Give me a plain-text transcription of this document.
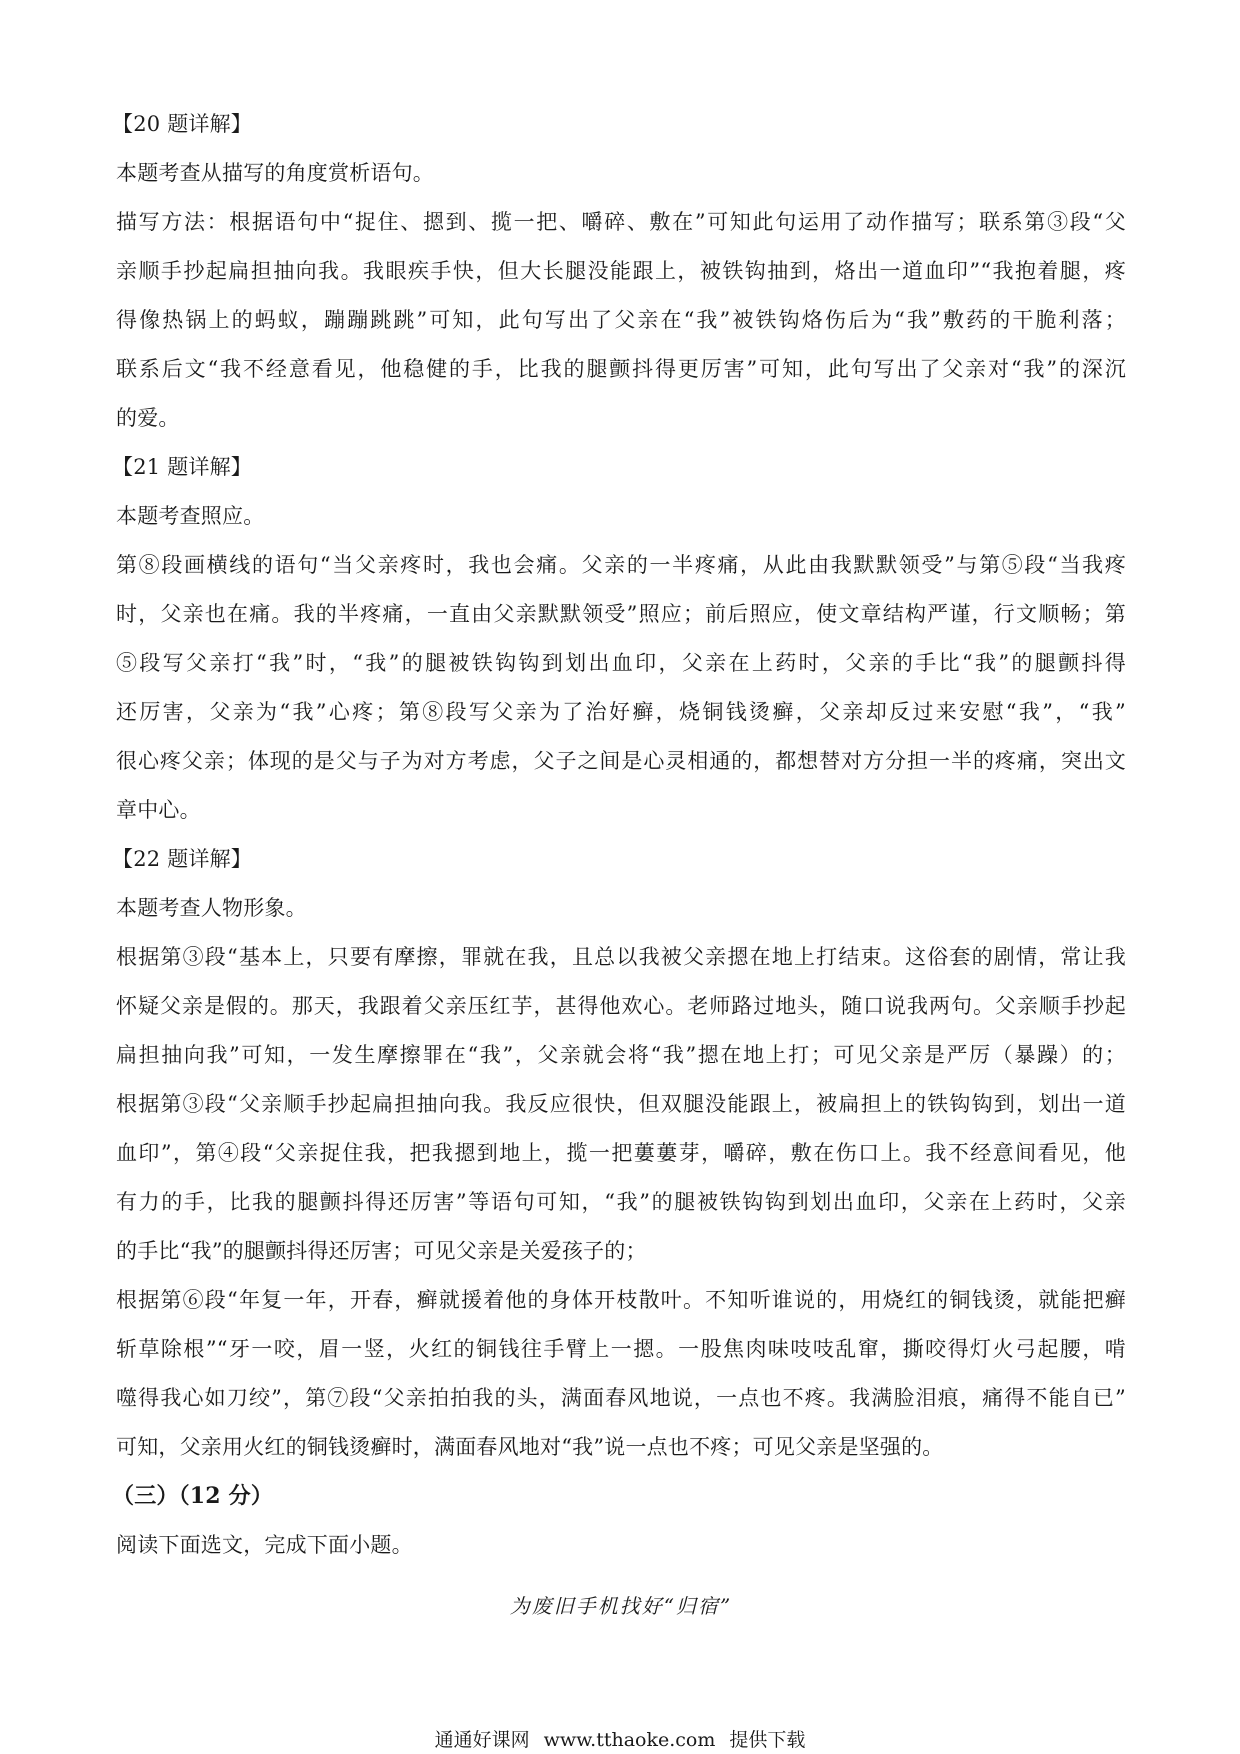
【20 题详解】
本题考查从描写的角度赏析语句。
描写方法：根据语句中“捉住、摁到、揽一把、嚼碎、敷在”可知此句运用了动作描写；联系第③段“父
亲顺手抄起扁担抽向我。我眼疾手快，但大长腿没能跟上，被铁钩抽到，烙出一道血印”“我抱着腿，疼
得像热锅上的蚂蚁，蹦蹦跳跳”可知，此句写出了父亲在“我”被铁钩烙伤后为“我”敷药的干脆利落；
联系后文“我不经意看见，他稳健的手，比我的腿颤抖得更厉害”可知，此句写出了父亲对“我”的深沉
的爱。
【21 题详解】
本题考查照应。
第⑧段画横线的语句“当父亲疼时，我也会痛。父亲的一半疼痛，从此由我默默领受”与第⑤段“当我疼
时，父亲也在痛。我的半疼痛，一直由父亲默默领受”照应；前后照应，使文章结构严谨，行文顺畅；第
⑤段写父亲打“我”时，“我”的腿被铁钩钩到划出血印，父亲在上药时，父亲的手比“我”的腿颤抖得
还厉害，父亲为“我”心疼；第⑧段写父亲为了治好癣，烧铜钱烫癣，父亲却反过来安慰“我”，“我”
很心疼父亲；体现的是父与子为对方考虑，父子之间是心灵相通的，都想替对方分担一半的疼痛，突出文
章中心。
【22 题详解】
本题考查人物形象。
根据第③段“基本上，只要有摩擦，罪就在我，且总以我被父亲摁在地上打结束。这俗套的剧情，常让我
怀疑父亲是假的。那天，我跟着父亲压红芋，甚得他欢心。老师路过地头，随口说我两句。父亲顺手抄起
扁担抽向我”可知，一发生摩擦罪在“我”，父亲就会将“我”摁在地上打；可见父亲是严厉（暴躁）的；
根据第③段“父亲顺手抄起扁担抽向我。我反应很快，但双腿没能跟上，被扁担上的铁钩钩到，划出一道
血印”，第④段“父亲捉住我，把我摁到地上，揽一把蔞蔞芽，嚼碎，敷在伤口上。我不经意间看见，他
有力的手，比我的腿颤抖得还厉害”等语句可知，“我”的腿被铁钩钩到划出血印，父亲在上药时，父亲
的手比“我”的腿颤抖得还厉害；可见父亲是关爱孩子的；
根据第⑥段“年复一年，开春，癣就援着他的身体开枝散叶。不知听谁说的，用烧红的铜钱烫，就能把癣
斩草除根”“牙一咬，眉一竖，火红的铜钱往手臂上一摁。一股焦肉味吱吱乱窜，撕咬得灯火弓起腰，啃
噬得我心如刀绞”，第⑦段“父亲拍拍我的头，满面春风地说，一点也不疼。我满脸泪痕，痛得不能自已”
可知，父亲用火红的铜钱烫癣时，满面春风地对“我”说一点也不疼；可见父亲是坚强的。
（三）（12 分）
阅读下面选文，完成下面小题。
为废旧手机找好“归宿”
通通好课网 www.tthaoke.com 提供下载
